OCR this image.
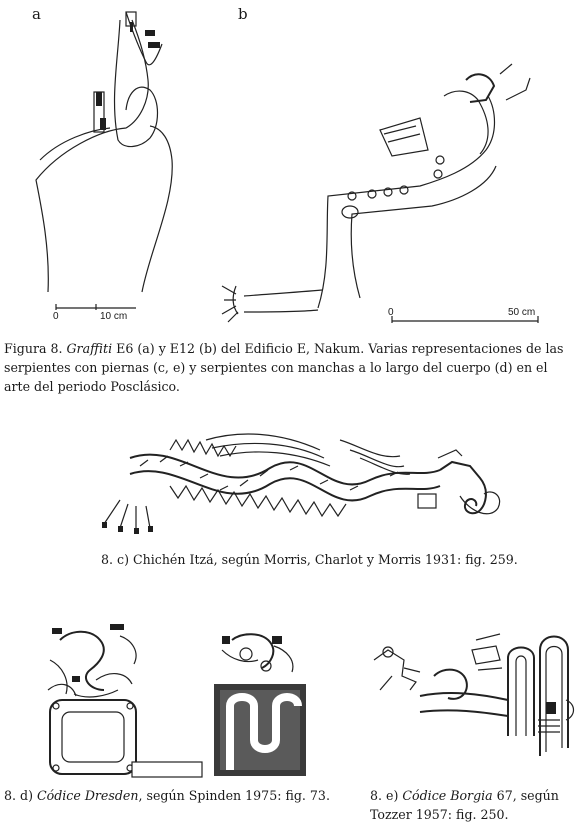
a	b
0	10 cm	0	50 cm
Figura 8. Graffiti E6 (a) y E12 (b) del Edificio E, Nakum. Varias representaciones de las serpientes con piernas (c, e) y serpientes con manchas a lo largo del cuerpo (d) en el arte del periodo Posclásico.
8. c) Chichén Itzá, según Morris, Charlot y Morris 1931: fig. 259.
8. d) Códice Dresden, según Spinden 1975: fig. 73.	8. e) Códice Borgia 67, según
Tozzer 1957: fig. 250.
